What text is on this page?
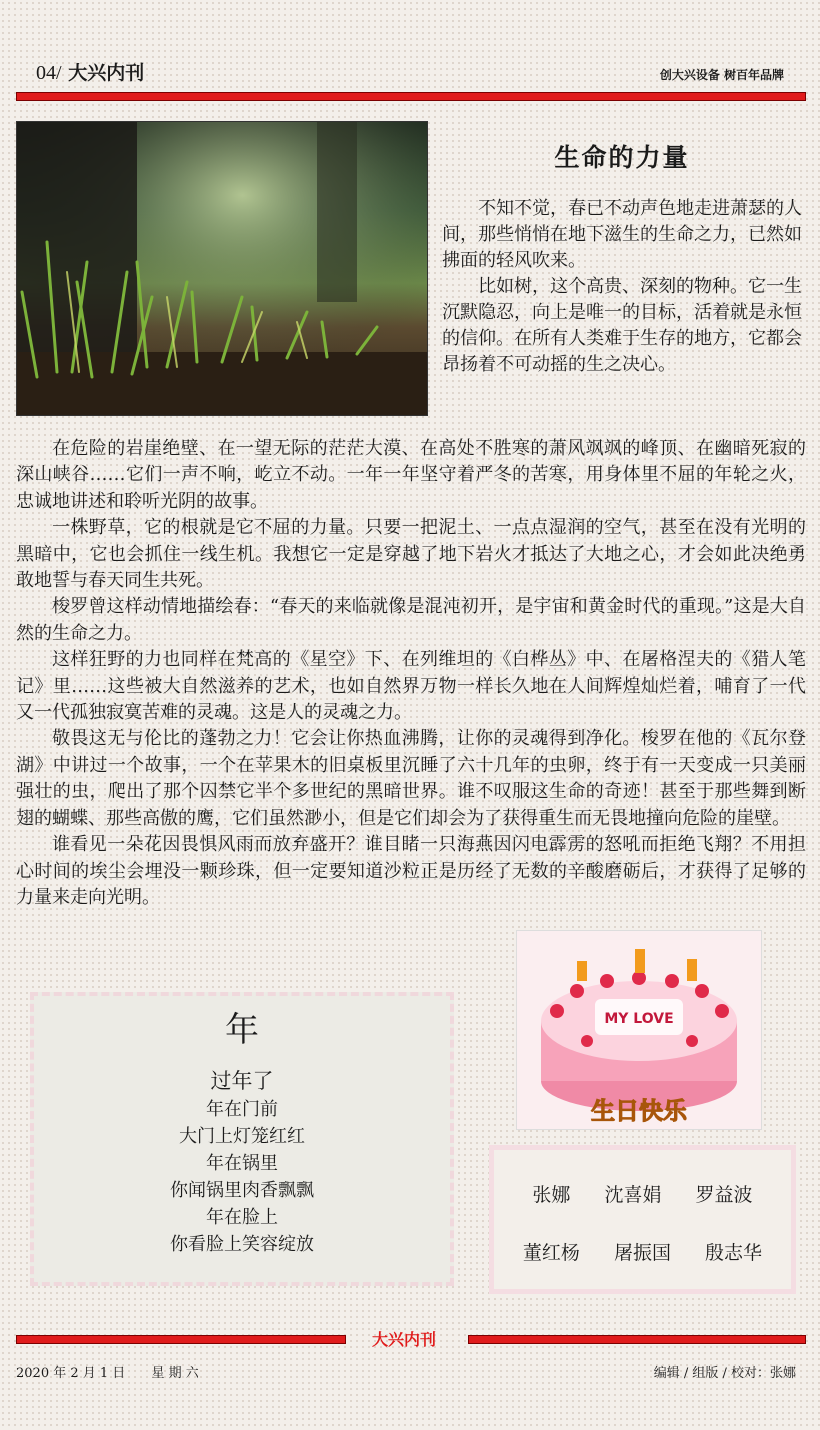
04/ 大兴内刊	创大兴设备 树百年品牌
生命的力量

不知不觉，春已不动声色地走进萧瑟的人间，那些悄悄在地下滋生的生命之力，已然如拂面的轻风吹来。

比如树，这个高贵、深刻的物种。它一生沉默隐忍，向上是唯一的目标，活着就是永恒的信仰。在所有人类难于生存的地方，它都会昂扬着不可动摇的生之决心。

在危险的岩崖绝壁、在一望无际的茫茫大漠、在高处不胜寒的萧风飒飒的峰顶、在幽暗死寂的深山峡谷……它们一声不响，屹立不动。一年一年坚守着严冬的苦寒，用身体里不屈的年轮之火，忠诚地讲述和聆听光阴的故事。

一株野草，它的根就是它不屈的力量。只要一把泥土、一点点湿润的空气，甚至在没有光明的黑暗中，它也会抓住一线生机。我想它一定是穿越了地下岩火才抵达了大地之心，才会如此决绝勇敢地誓与春天同生共死。

梭罗曾这样动情地描绘春：“春天的来临就像是混沌初开，是宇宙和黄金时代的重现。”这是大自然的生命之力。

这样狂野的力也同样在梵高的《星空》下、在列维坦的《白桦丛》中、在屠格涅夫的《猎人笔记》里……这些被大自然滋养的艺术，也如自然界万物一样长久地在人间辉煌灿烂着，哺育了一代又一代孤独寂寞苦难的灵魂。这是人的灵魂之力。

敬畏这无与伦比的蓬勃之力！它会让你热血沸腾，让你的灵魂得到净化。梭罗在他的《瓦尔登湖》中讲过一个故事，一个在苹果木的旧桌板里沉睡了六十几年的虫卵，终于有一天变成一只美丽强壮的虫，爬出了那个囚禁它半个多世纪的黑暗世界。谁不叹服这生命的奇迹！甚至于那些舞到断翅的蝴蝶、那些高傲的鹰，它们虽然渺小，但是它们却会为了获得重生而无畏地撞向危险的崖壁。

谁看见一朵花因畏惧风雨而放弃盛开？谁目睹一只海燕因闪电霹雳的怒吼而拒绝飞翔？不用担心时间的埃尘会埋没一颗珍珠，但一定要知道沙粒正是历经了无数的辛酸磨砺后，才获得了足够的力量来走向光明。

年
过年了
年在门前
大门上灯笼红红
年在锅里
你闻锅里肉香飘飘
年在脸上
你看脸上笑容绽放
MY LOVE
生日快乐
张娜 沈喜娟 罗益波
董红杨 屠振国 殷志华
大兴内刊
2020 年 2 月 1 日 星 期 六	编辑 / 组版 / 校对：张娜
